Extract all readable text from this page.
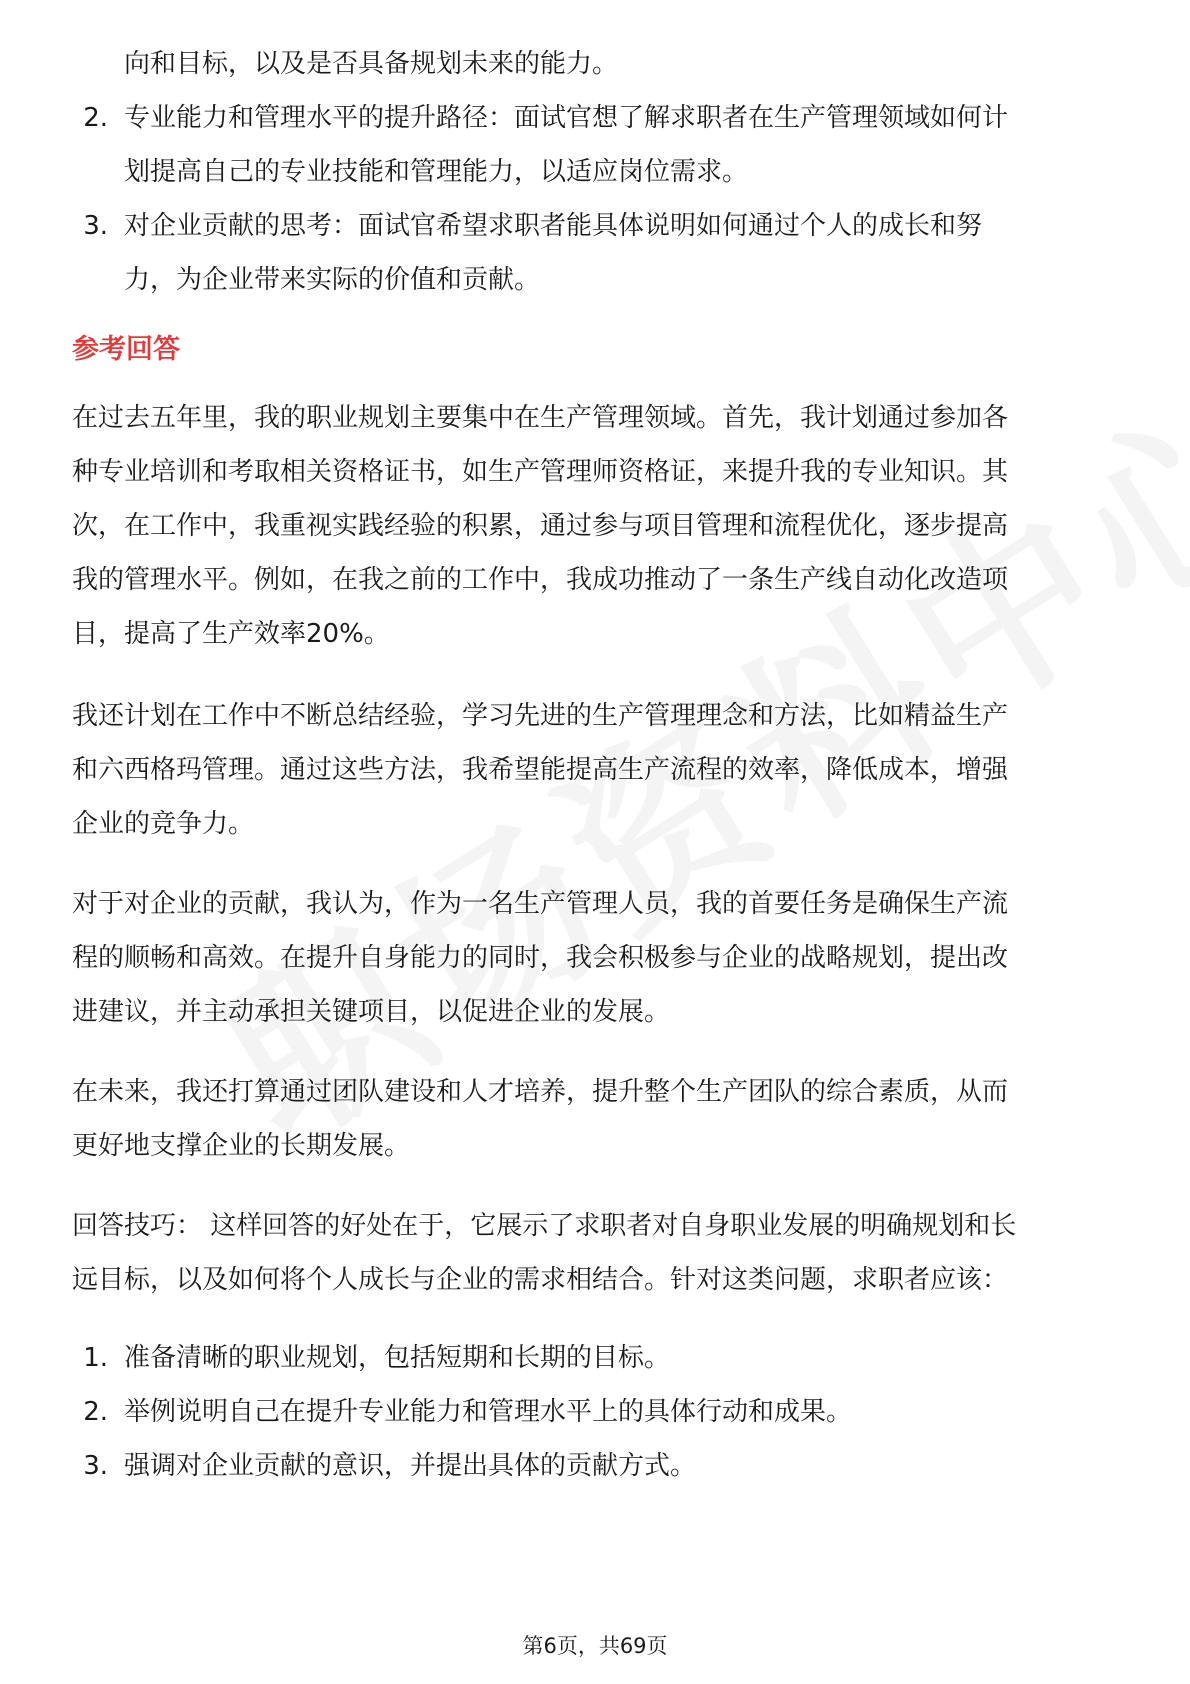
向和目标，以及是否具备规划未来的能力。
2. 专业能力和管理水平的提升路径：面试官想了解求职者在生产管理领域如何计
划提高自己的专业技能和管理能力，以适应岗位需求。
3. 对企业贡献的思考：面试官希望求职者能具体说明如何通过个人的成长和努
力，为企业带来实际的价值和贡献。
参考回答
在过去五年里，我的职业规划主要集中在生产管理领域。首先，我计划通过参加各
种专业培训和考取相关资格证书，如生产管理师资格证，来提升我的专业知识。其
次，在工作中，我重视实践经验的积累，通过参与项目管理和流程优化，逐步提高
我的管理水平。例如，在我之前的工作中，我成功推动了一条生产线自动化改造项
目，提高了生产效率20%。
我还计划在工作中不断总结经验，学习先进的生产管理理念和方法，比如精益生产
和六西格玛管理。通过这些方法，我希望能提高生产流程的效率，降低成本，增强
企业的竞争力。
对于对企业的贡献，我认为，作为一名生产管理人员，我的首要任务是确保生产流
程的顺畅和高效。在提升自身能力的同时，我会积极参与企业的战略规划，提出改
进建议，并主动承担关键项目，以促进企业的发展。
在未来，我还打算通过团队建设和人才培养，提升整个生产团队的综合素质，从而
更好地支撑企业的长期发展。
回答技巧： 这样回答的好处在于，它展示了求职者对自身职业发展的明确规划和长
远目标，以及如何将个人成长与企业的需求相结合。针对这类问题，求职者应该：
1. 准备清晰的职业规划，包括短期和长期的目标。
2. 举例说明自己在提升专业能力和管理水平上的具体行动和成果。
3. 强调对企业贡献的意识，并提出具体的贡献方式。
第6页，共69页
